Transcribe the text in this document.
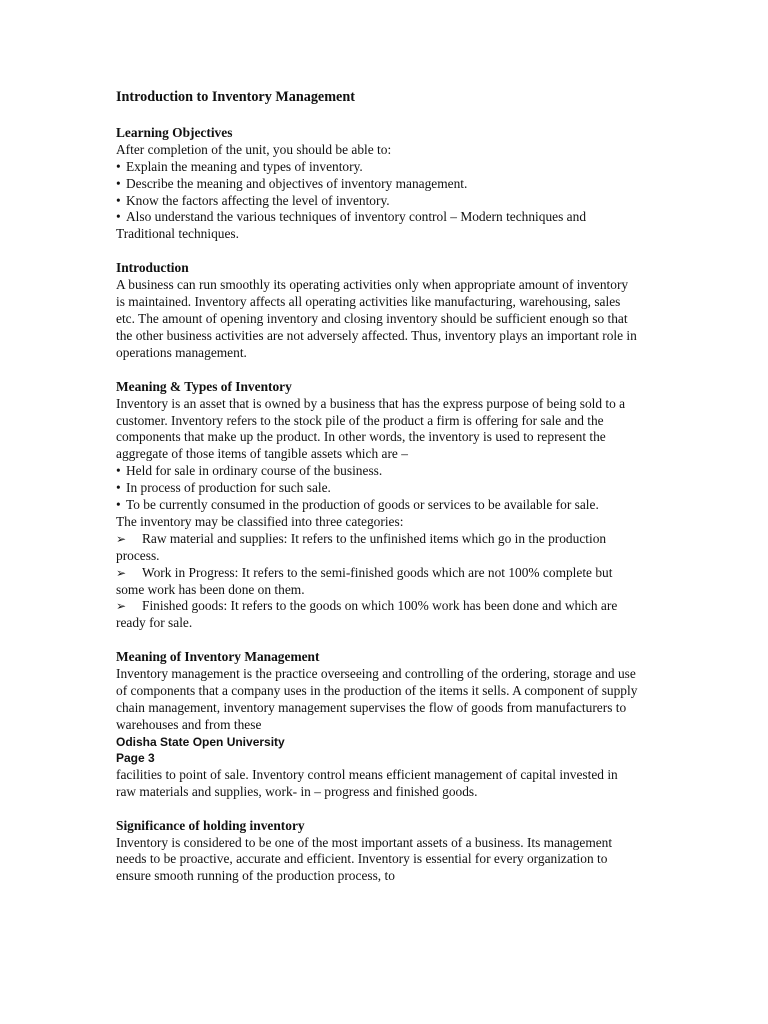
Introduction to Inventory Management
Learning Objectives
After completion of the unit, you should be able to:
• Explain the meaning and types of inventory.
• Describe the meaning and objectives of inventory management.
• Know the factors affecting the level of inventory.
• Also understand the various techniques of inventory control – Modern techniques and Traditional techniques.
Introduction
A business can run smoothly its operating activities only when appropriate amount of inventory is maintained. Inventory affects all operating activities like manufacturing, warehousing, sales etc. The amount of opening inventory and closing inventory should be sufficient enough so that the other business activities are not adversely affected. Thus, inventory plays an important role in operations management.
Meaning & Types of Inventory
Inventory is an asset that is owned by a business that has the express purpose of being sold to a customer. Inventory refers to the stock pile of the product a firm is offering for sale and the components that make up the product. In other words, the inventory is used to represent the aggregate of those items of tangible assets which are –
• Held for sale in ordinary course of the business.
• In process of production for such sale.
• To be currently consumed in the production of goods or services to be available for sale.
The inventory may be classified into three categories:
➢ Raw material and supplies: It refers to the unfinished items which go in the production process.
➢ Work in Progress: It refers to the semi-finished goods which are not 100% complete but some work has been done on them.
➢ Finished goods: It refers to the goods on which 100% work has been done and which are ready for sale.
Meaning of Inventory Management
Inventory management is the practice overseeing and controlling of the ordering, storage and use of components that a company uses in the production of the items it sells. A component of supply chain management, inventory management supervises the flow of goods from manufacturers to warehouses and from these
Odisha State Open University
Page 3
facilities to point of sale. Inventory control means efficient management of capital invested in raw materials and supplies, work- in – progress and finished goods.
Significance of holding inventory
Inventory is considered to be one of the most important assets of a business. Its management needs to be proactive, accurate and efficient. Inventory is essential for every organization to ensure smooth running of the production process, to
